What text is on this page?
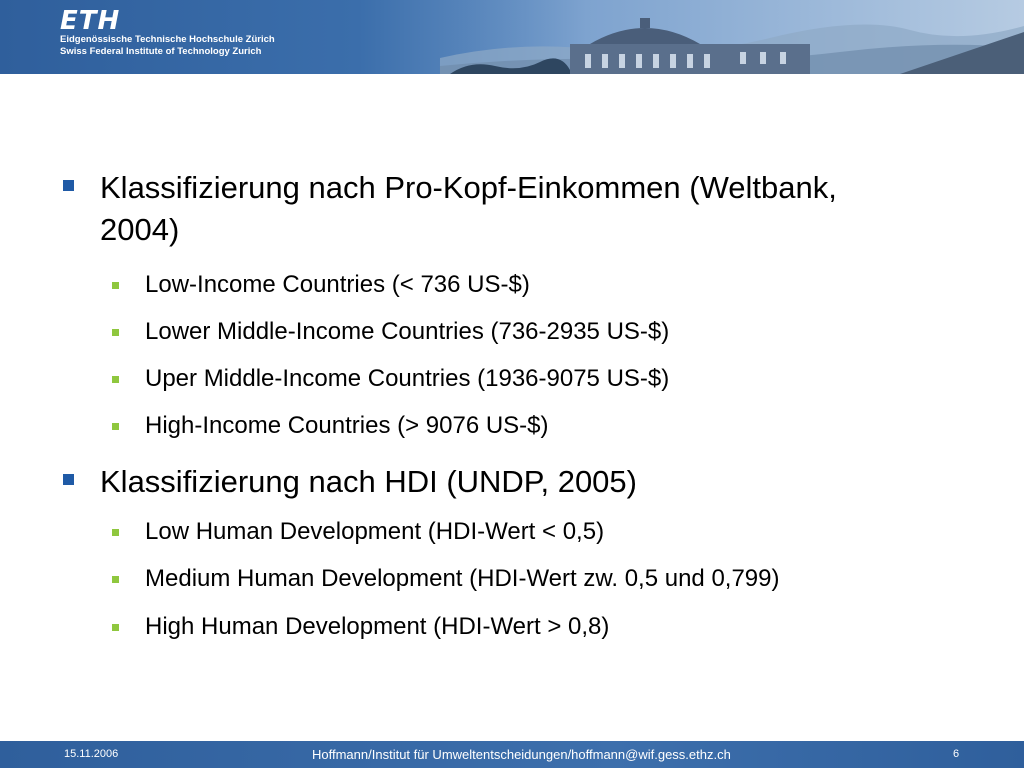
ETH
Eidgenössische Technische Hochschule Zürich
Swiss Federal Institute of Technology Zurich
Klassifizierung nach Pro-Kopf-Einkommen (Weltbank, 2004)
Low-Income Countries (< 736 US-$)
Lower Middle-Income Countries (736-2935 US-$)
Uper Middle-Income Countries (1936-9075 US-$)
High-Income Countries (> 9076 US-$)
Klassifizierung nach HDI (UNDP, 2005)
Low Human Development (HDI-Wert < 0,5)
Medium Human Development (HDI-Wert zw. 0,5 und 0,799)
High Human Development (HDI-Wert > 0,8)
15.11.2006	Hoffmann/Institut für Umweltentscheidungen/hoffmann@wif.gess.ethz.ch	6
